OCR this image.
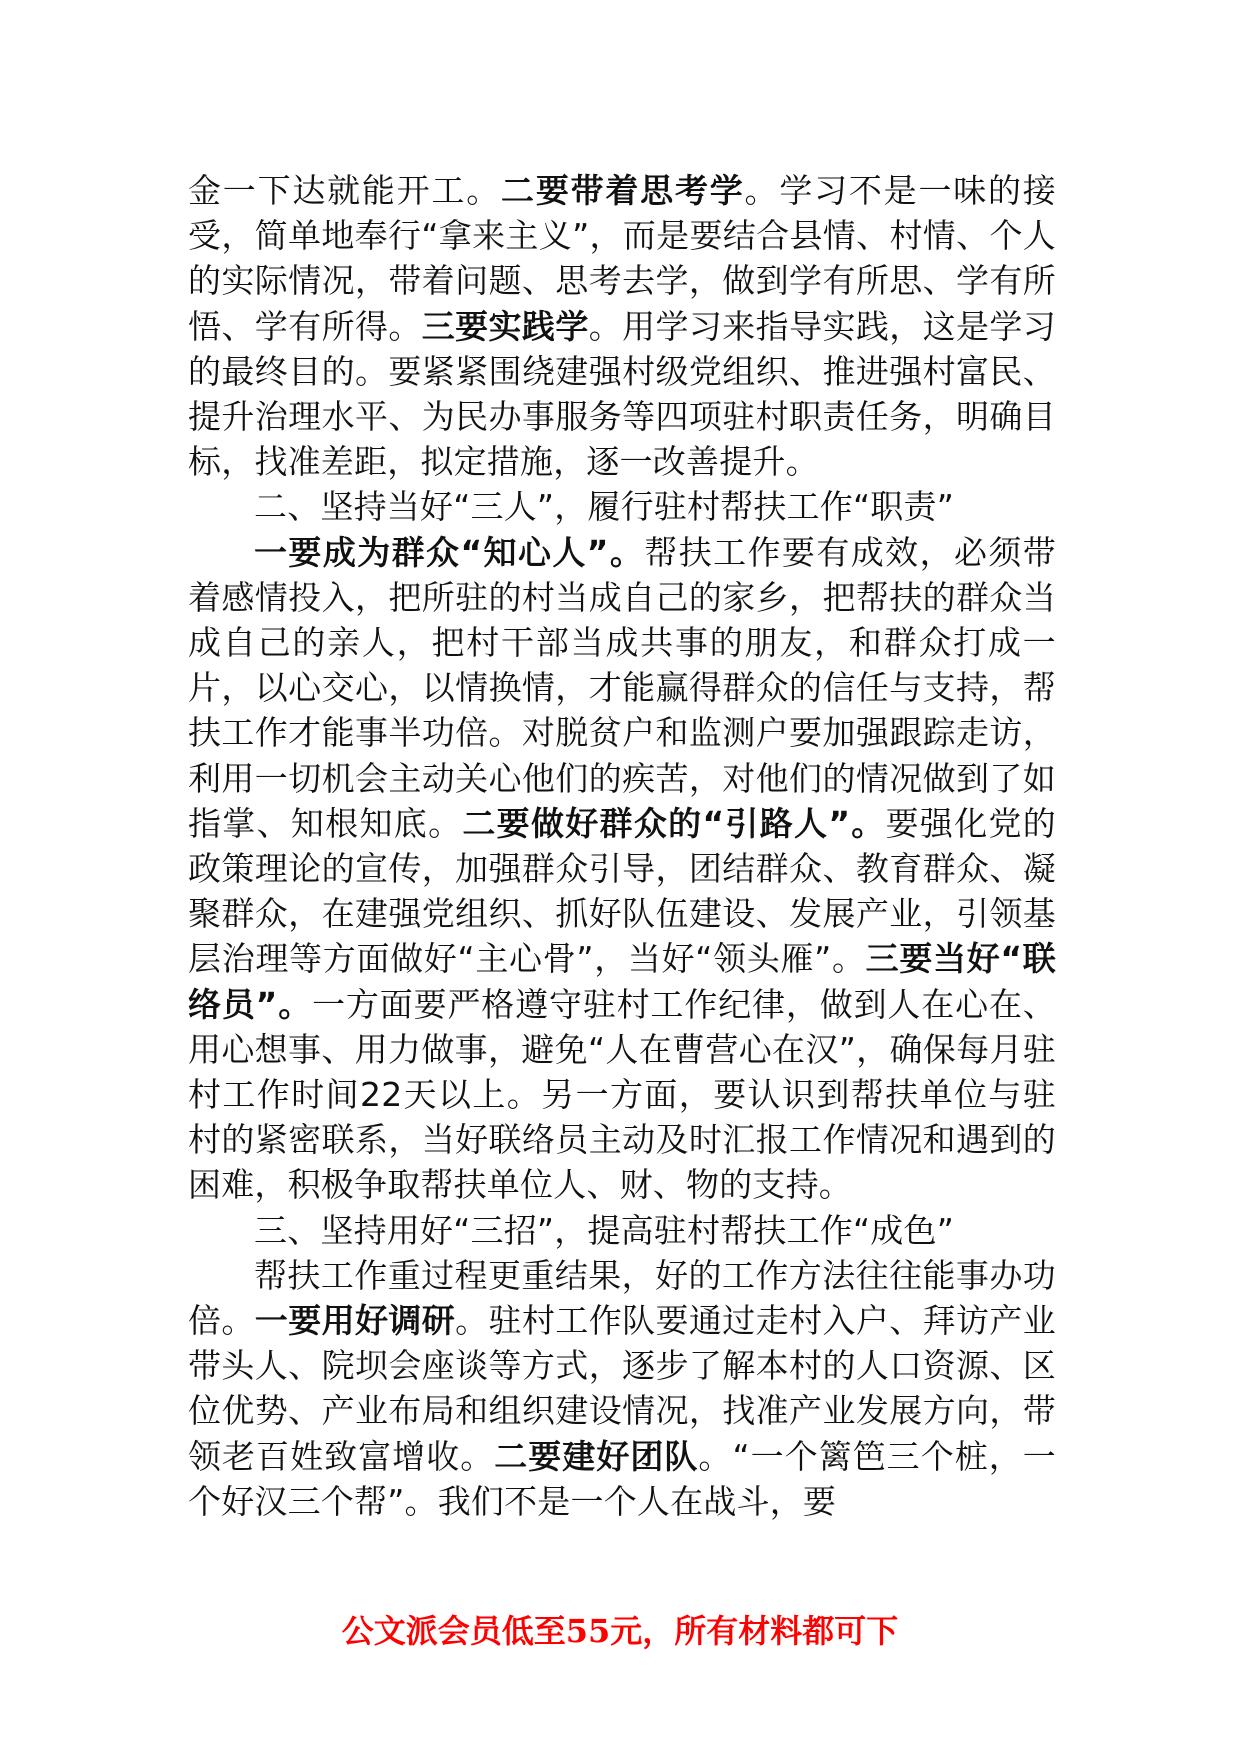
金一下达就能开工。二要带着思考学。学习不是一味的接受，简单地奉行“拿来主义”，而是要结合县情、村情、个人的实际情况，带着问题、思考去学，做到学有所思、学有所悟、学有所得。三要实践学。用学习来指导实践，这是学习的最终目的。要紧紧围绕建强村级党组织、推进强村富民、提升治理水平、为民办事服务等四项驻村职责任务，明确目标，找准差距，拟定措施，逐一改善提升。

二、坚持当好“三人”，履行驻村帮扶工作“职责”

一要成为群众“知心人”。帮扶工作要有成效，必须带着感情投入，把所驻的村当成自己的家乡，把帮扶的群众当成自己的亲人，把村干部当成共事的朋友，和群众打成一片，以心交心，以情换情，才能赢得群众的信任与支持，帮扶工作才能事半功倍。对脱贫户和监测户要加强跟踪走访，利用一切机会主动关心他们的疾苦，对他们的情况做到了如指掌、知根知底。二要做好群众的“引路人”。要强化党的政策理论的宣传，加强群众引导，团结群众、教育群众、凝聚群众，在建强党组织、抓好队伍建设、发展产业，引领基层治理等方面做好“主心骨”，当好“领头雁”。三要当好“联络员”。一方面要严格遵守驻村工作纪律，做到人在心在、用心想事、用力做事，避免“人在曹营心在汉”，确保每月驻村工作时间22天以上。另一方面，要认识到帮扶单位与驻村的紧密联系，当好联络员主动及时汇报工作情况和遇到的困难，积极争取帮扶单位人、财、物的支持。

三、坚持用好“三招”，提高驻村帮扶工作“成色”

帮扶工作重过程更重结果，好的工作方法往往能事办功倍。一要用好调研。驻村工作队要通过走村入户、拜访产业带头人、院坝会座谈等方式，逐步了解本村的人口资源、区位优势、产业布局和组织建设情况，找准产业发展方向，带领老百姓致富增收。二要建好团队。“一个篱笆三个桩，一个好汉三个帮”。我们不是一个人在战斗，要

公文派会员低至55元，所有材料都可下
